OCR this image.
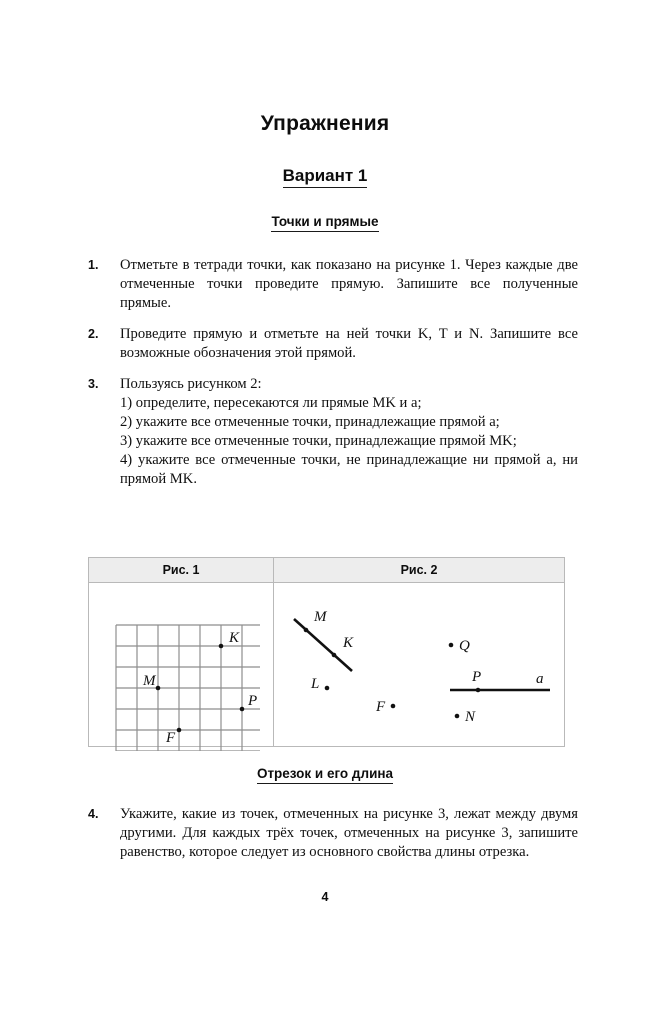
Упражнения
Вариант 1
Точки и прямые
1.	Отметьте в тетради точки, как показано на рисунке 1. Через каждые две отмеченные точки проведите прямую. Запишите все полученные прямые.

2.	Проведите прямую и отметьте на ней точки K, T и N. Запишите все возможные обозначения этой прямой.

3.	Пользуясь рисунком 2:

1) определите, пересекаются ли прямые MK и a;

2) укажите все отмеченные точки, принадлежащие прямой a;

3) укажите все отмеченные точки, принадлежащие прямой MK;

4) укажите все отмеченные точки, не принадлежащие ни прямой a, ни прямой MK.

Рис. 1	Рис. 2
K
M
P
F
M
K
L
F
Q
P	a
N
Отрезок и его длина
4.	Укажите, какие из точек, отмеченных на рисунке 3, лежат между двумя другими. Для каждых трёх точек, отмеченных на рисунке 3, запишите равенство, которое следует из основного свойства длины отрезка.

4
